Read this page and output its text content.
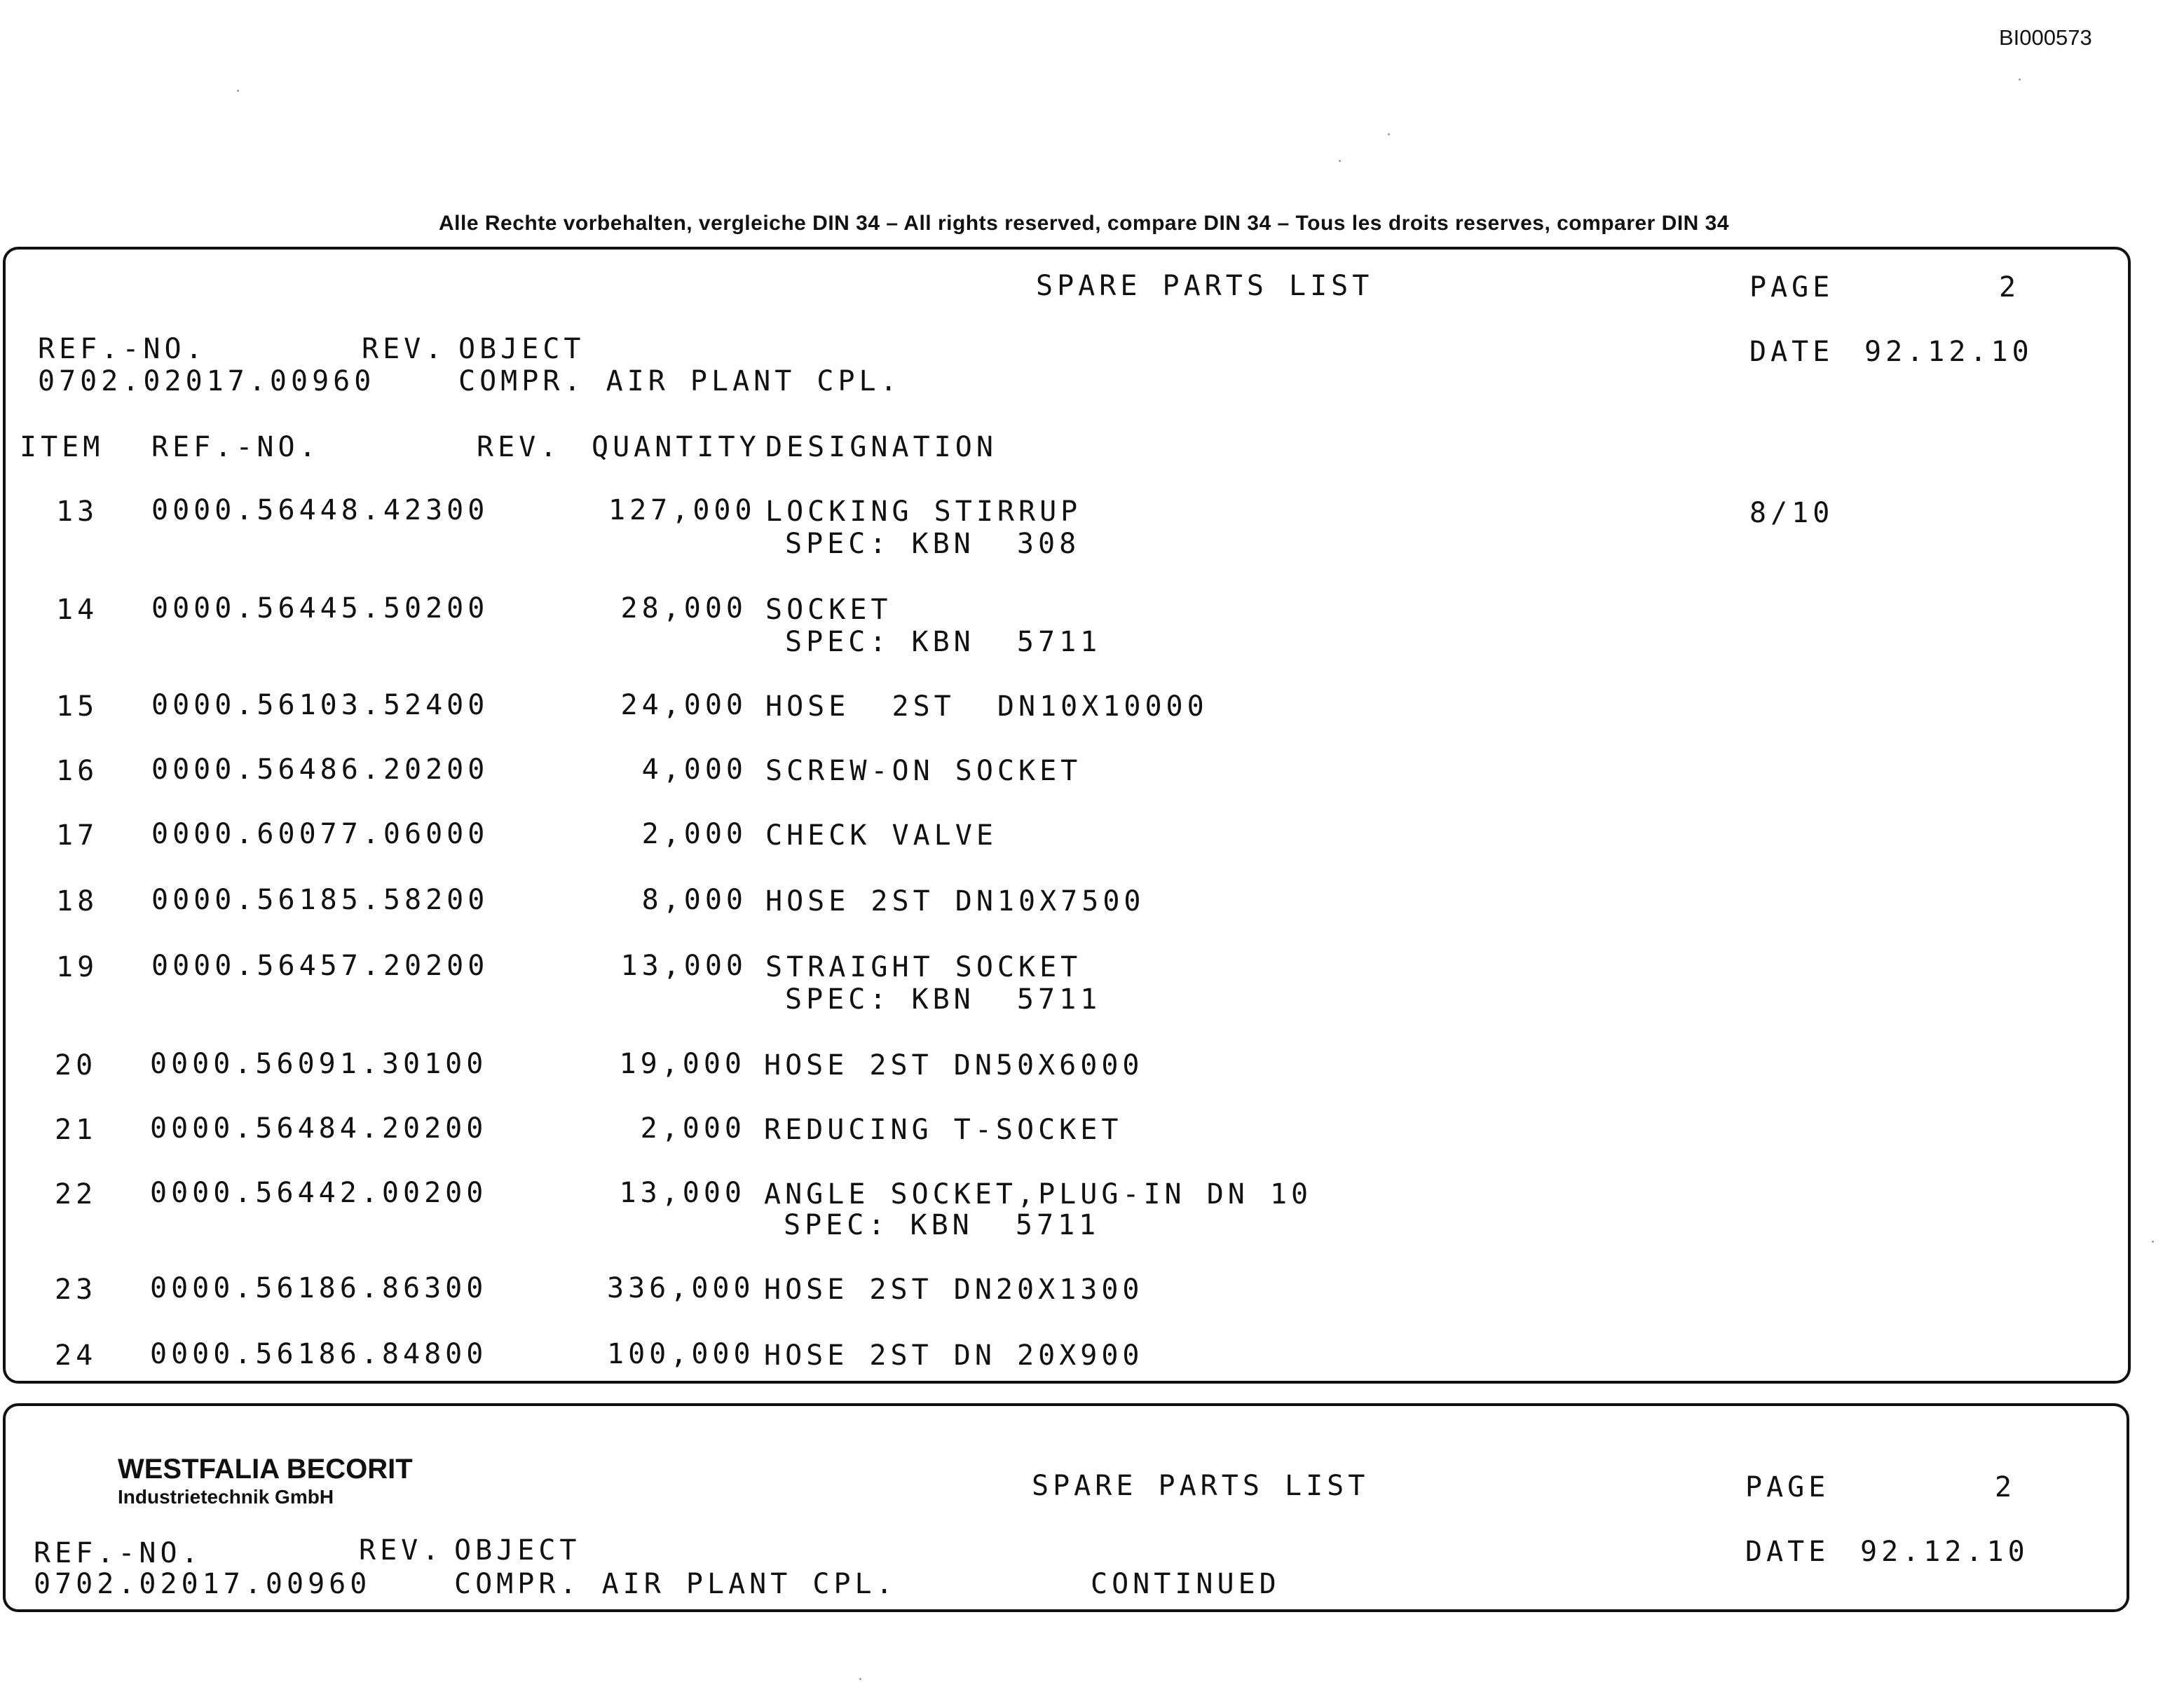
BI000573
Alle Rechte vorbehalten, vergleiche DIN 34 – All rights reserved, compare DIN 34 – Tous les droits reserves, comparer DIN 34
SPARE PARTS LIST	PAGE	2
REF.-NO.	REV. OBJECT
0702.02017.00960	COMPR. AIR PLANT CPL.
DATE 92.12.10
ITEM REF.-NO.	REV. QUANTITY DESIGNATION
13 0000.56448.42300	127,000 LOCKING STIRRUP
SPEC: KBN  308
8/10
14 0000.56445.50200	28,000 SOCKET
SPEC: KBN  5711
15 0000.56103.52400	24,000 HOSE  2ST  DN10X10000
16 0000.56486.20200	4,000 SCREW-ON SOCKET
17 0000.60077.06000	2,000 CHECK VALVE
18 0000.56185.58200	8,000 HOSE 2ST DN10X7500
19 0000.56457.20200	13,000 STRAIGHT SOCKET
SPEC: KBN  5711
20 0000.56091.30100	19,000 HOSE 2ST DN50X6000
21 0000.56484.20200	2,000 REDUCING T-SOCKET
22 0000.56442.00200	13,000 ANGLE SOCKET,PLUG-IN DN 10
SPEC: KBN  5711
23 0000.56186.86300	336,000 HOSE 2ST DN20X1300
24 0000.56186.84800	100,000 HOSE 2ST DN 20X900
WESTFALIA BECORIT
Industrietechnik GmbH	SPARE PARTS LIST	PAGE	2
REF.-NO.	REV. OBJECT
0702.02017.00960	COMPR. AIR PLANT CPL.	CONTINUED
DATE 92.12.10
